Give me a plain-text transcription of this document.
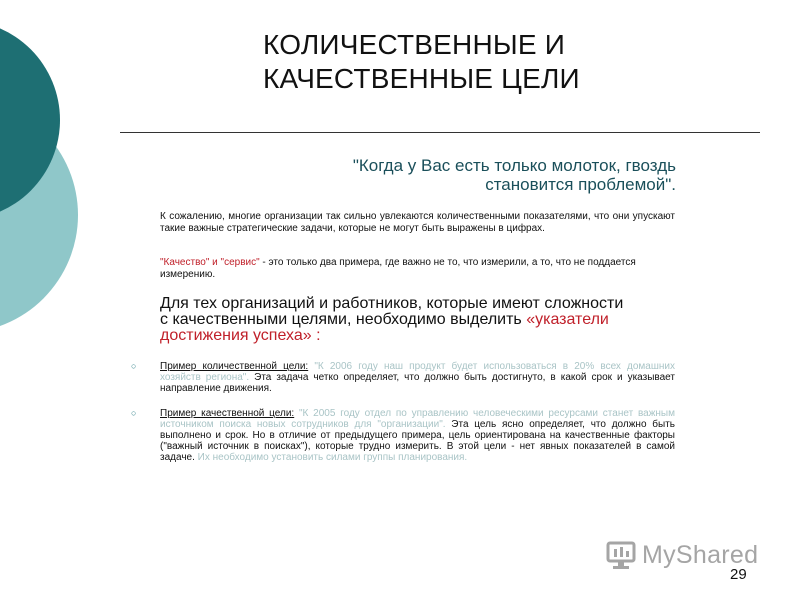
КОЛИЧЕСТВЕННЫЕ И
КАЧЕСТВЕННЫЕ ЦЕЛИ
"Когда у Вас есть только молоток, гвоздь становится проблемой".
К сожалению, многие организации так сильно увлекаются количественными показателями, что они упускают такие важные стратегические задачи, которые не могут быть выражены в цифрах.
"Качество" и "сервис" - это только два примера, где важно не то, что измерили, а то, что не поддается измерению.
Для тех организаций и работников, которые имеют сложности с качественными целями, необходимо выделить «указатели достижения успеха» :
○	Пример количественной цели: "К 2006 году наш продукт будет использоваться в 20% всех домашних хозяйств региона". Эта задача четко определяет, что должно быть достигнуто, в какой срок и указывает направление движения.
○	Пример качественной цели: "К 2005 году отдел по управлению человеческими ресурсами станет важным источником поиска новых сотрудников для "организации". Эта цель ясно определяет, что должно быть выполнено и срок. Но в отличие от предыдущего примера, цель ориентирована на качественные факторы ("важный источник в поисках"), которые трудно измерить. В этой цели - нет явных показателей в самой задаче. Их необходимо установить силами группы планирования.
MyShared
29
